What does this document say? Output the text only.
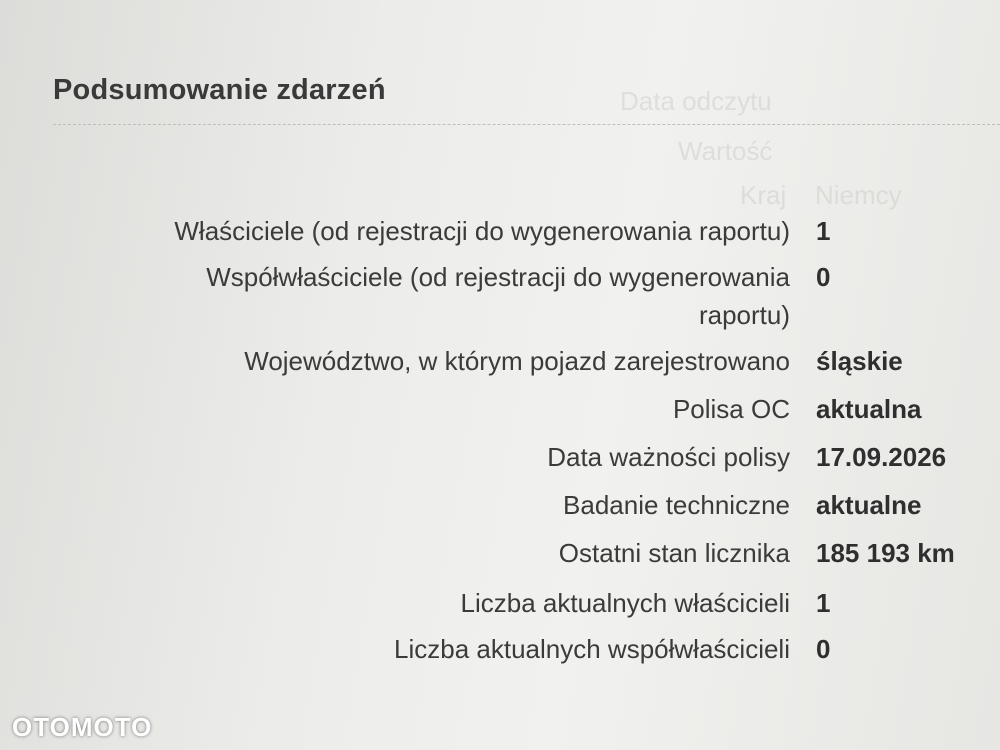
Data odczytu
Wartość
Kraj Niemcy
Podsumowanie zdarzeń
Właściciele (od rejestracji do wygenerowania raportu) 1
Współwłaściciele (od rejestracji do wygenerowania raportu)
0
Województwo, w którym pojazd zarejestrowano śląskie
Polisa OC aktualna
Data ważności polisy 17.09.2026
Badanie techniczne aktualne
Ostatni stan licznika 185 193 km
Liczba aktualnych właścicieli 1
Liczba aktualnych współwłaścicieli 0
OTOMOTO
